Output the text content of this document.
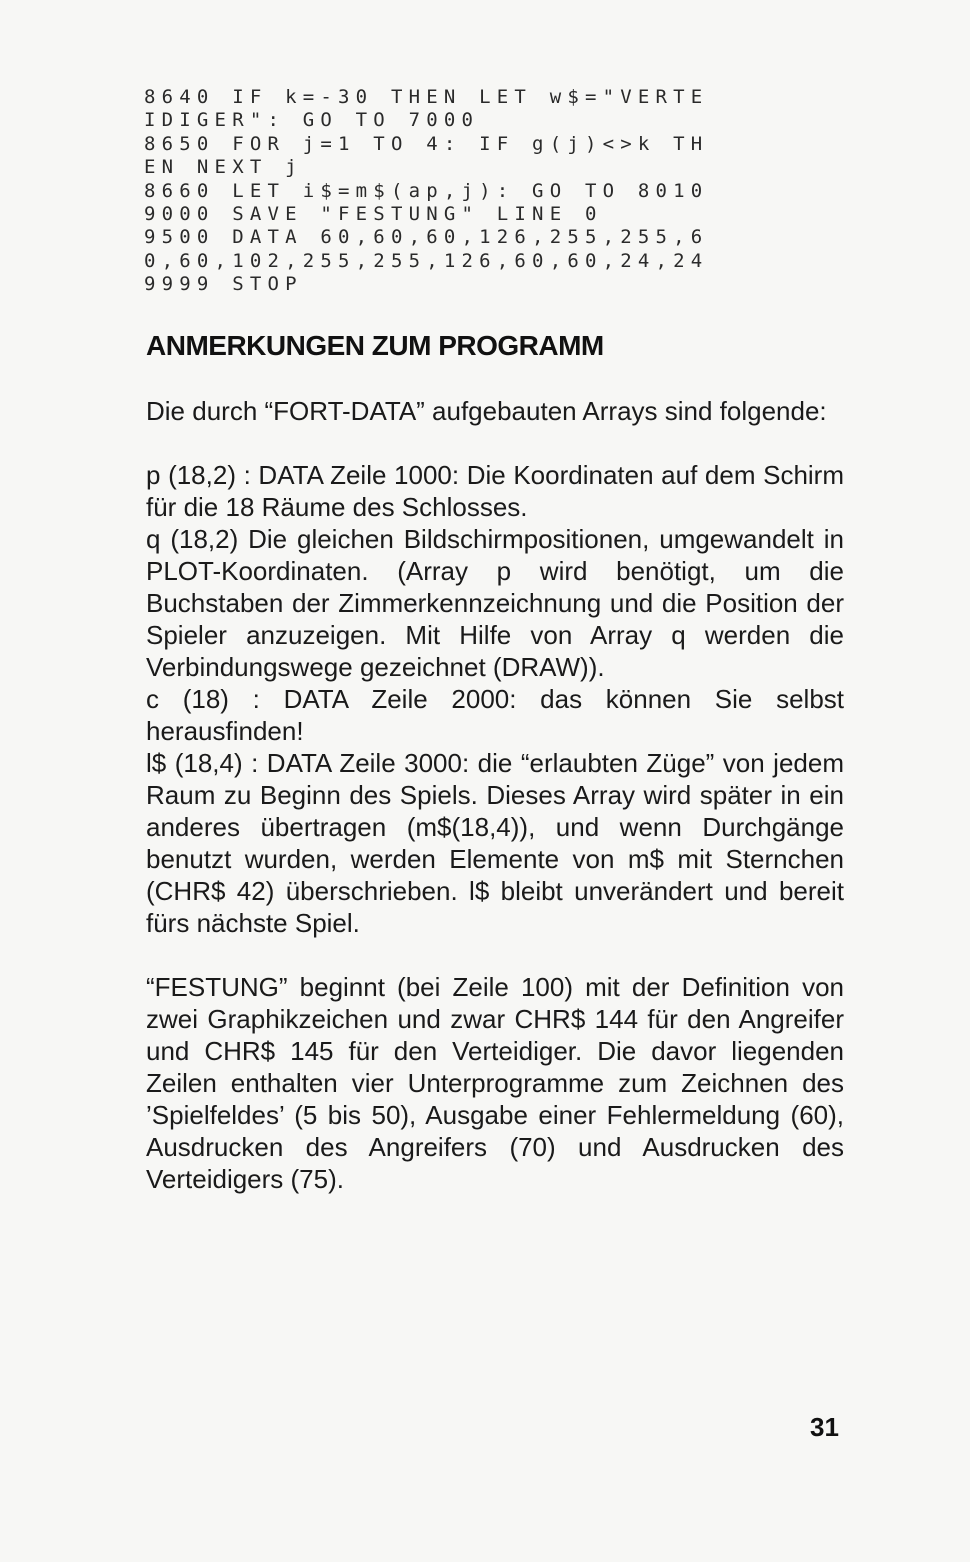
8640 IF k=-30 THEN LET w$="VERTE
IDIGER": GO TO 7000
8650 FOR j=1 TO 4: IF g(j)<>k TH
EN NEXT j
8660 LET i$=m$(ap,j): GO TO 8010
9000 SAVE "FESTUNG" LINE 0
9500 DATA 60,60,60,126,255,255,6
0,60,102,255,255,126,60,60,24,24
9999 STOP
ANMERKUNGEN ZUM PROGRAMM

Die durch “FORT-DATA” aufgebauten Arrays sind folgende:

p (18,2) : DATA Zeile 1000: Die Koordinaten auf dem Schirm für die 18 Räume des Schlosses.

q (18,2) Die gleichen Bildschirmpositionen, umgewandelt in PLOT-Koordinaten. (Array p wird benötigt, um die Buchstaben der Zimmerkennzeichnung und die Position der Spieler anzuzeigen. Mit Hilfe von Array q werden die Verbindungswege gezeichnet (DRAW)).

c (18) : DATA Zeile 2000: das können Sie selbst herausfinden!

l$ (18,4) : DATA Zeile 3000: die “erlaubten Züge” von jedem Raum zu Beginn des Spiels. Dieses Array wird später in ein anderes übertragen (m$(18,4)), und wenn Durchgänge benutzt wurden, werden Elemente von m$ mit Sternchen (CHR$ 42) überschrieben. l$ bleibt unverändert und bereit fürs nächste Spiel.

“FESTUNG” beginnt (bei Zeile 100) mit der Definition von zwei Graphikzeichen und zwar CHR$ 144 für den Angreifer und CHR$ 145 für den Verteidiger. Die davor liegenden Zeilen enthalten vier Unterprogramme zum Zeichnen des ’Spielfeldes’ (5 bis 50), Ausgabe einer Fehlermeldung (60), Ausdrucken des Angreifers (70) und Ausdrucken des Verteidigers (75).

31
